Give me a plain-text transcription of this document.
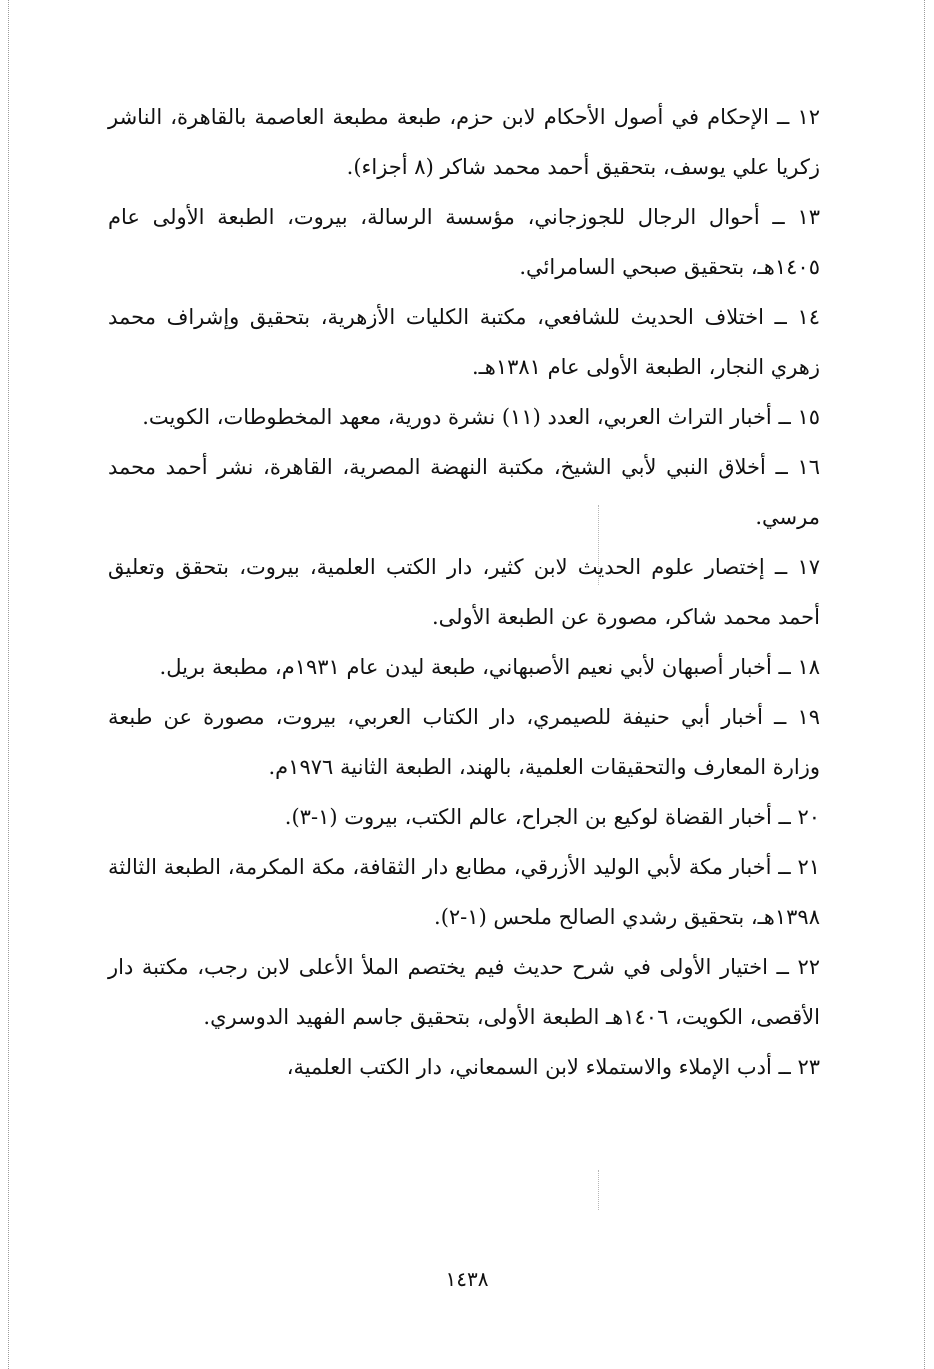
١٢ ــ الإحكام في أصول الأحكام لابن حزم، طبعة مطبعة العاصمة بالقاهرة، الناشر زكريا علي يوسف، بتحقيق أحمد محمد شاكر (٨ أجزاء).

١٣ ــ أحوال الرجال للجوزجاني، مؤسسة الرسالة، بيروت، الطبعة الأولى عام ١٤٠٥هـ، بتحقيق صبحي السامرائي.

١٤ ــ اختلاف الحديث للشافعي، مكتبة الكليات الأزهرية، بتحقيق وإشراف محمد زهري النجار، الطبعة الأولى عام ١٣٨١هـ.

١٥ ــ أخبار التراث العربي، العدد (١١) نشرة دورية، معهد المخطوطات، الكويت.

١٦ ــ أخلاق النبي لأبي الشيخ، مكتبة النهضة المصرية، القاهرة، نشر أحمد محمد مرسي.

١٧ ــ إختصار علوم الحديث لابن كثير، دار الكتب العلمية، بيروت، بتحقق وتعليق أحمد محمد شاكر، مصورة عن الطبعة الأولى.

١٨ ــ أخبار أصبهان لأبي نعيم الأصبهاني، طبعة ليدن عام ١٩٣١م، مطبعة بريل.

١٩ ــ أخبار أبي حنيفة للصيمري، دار الكتاب العربي، بيروت، مصورة عن طبعة وزارة المعارف والتحقيقات العلمية، بالهند، الطبعة الثانية ١٩٧٦م.

٢٠ ــ أخبار القضاة لوكيع بن الجراح، عالم الكتب، بيروت (١-٣).

٢١ ــ أخبار مكة لأبي الوليد الأزرقي، مطابع دار الثقافة، مكة المكرمة، الطبعة الثالثة ١٣٩٨هـ، بتحقيق رشدي الصالح ملحس (١-٢).

٢٢ ــ اختيار الأولى في شرح حديث فيم يختصم الملأ الأعلى لابن رجب، مكتبة دار الأقصى، الكويت، ١٤٠٦هـ الطبعة الأولى، بتحقيق جاسم الفهيد الدوسري.

٢٣ ــ أدب الإملاء والاستملاء لابن السمعاني، دار الكتب العلمية،

١٤٣٨
